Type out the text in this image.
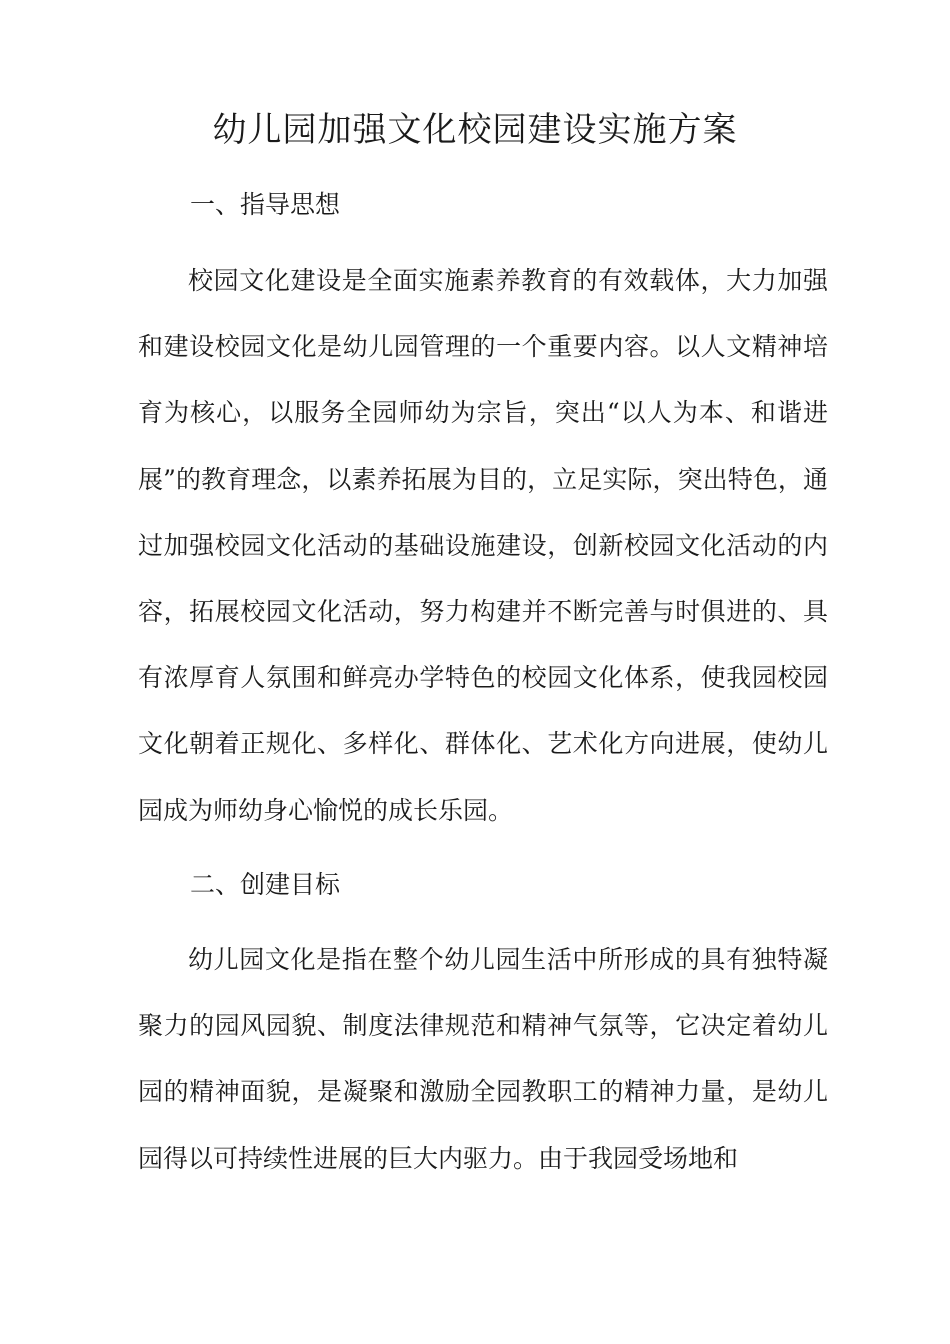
幼儿园加强文化校园建设实施方案
一、指导思想

校园文化建设是全面实施素养教育的有效载体，大力加强和建设校园文化是幼儿园管理的一个重要内容。以人文精神培育为核心，以服务全园师幼为宗旨，突出“以人为本、和谐进展”的教育理念，以素养拓展为目的，立足实际，突出特色，通过加强校园文化活动的基础设施建设，创新校园文化活动的内容，拓展校园文化活动，努力构建并不断完善与时俱进的、具有浓厚育人氛围和鲜亮办学特色的校园文化体系，使我园校园文化朝着正规化、多样化、群体化、艺术化方向进展，使幼儿园成为师幼身心愉悦的成长乐园。

二、创建目标

幼儿园文化是指在整个幼儿园生活中所形成的具有独特凝聚力的园风园貌、制度法律规范和精神气氛等，它决定着幼儿园的精神面貌，是凝聚和激励全园教职工的精神力量，是幼儿园得以可持续性进展的巨大内驱力。由于我园受场地和
